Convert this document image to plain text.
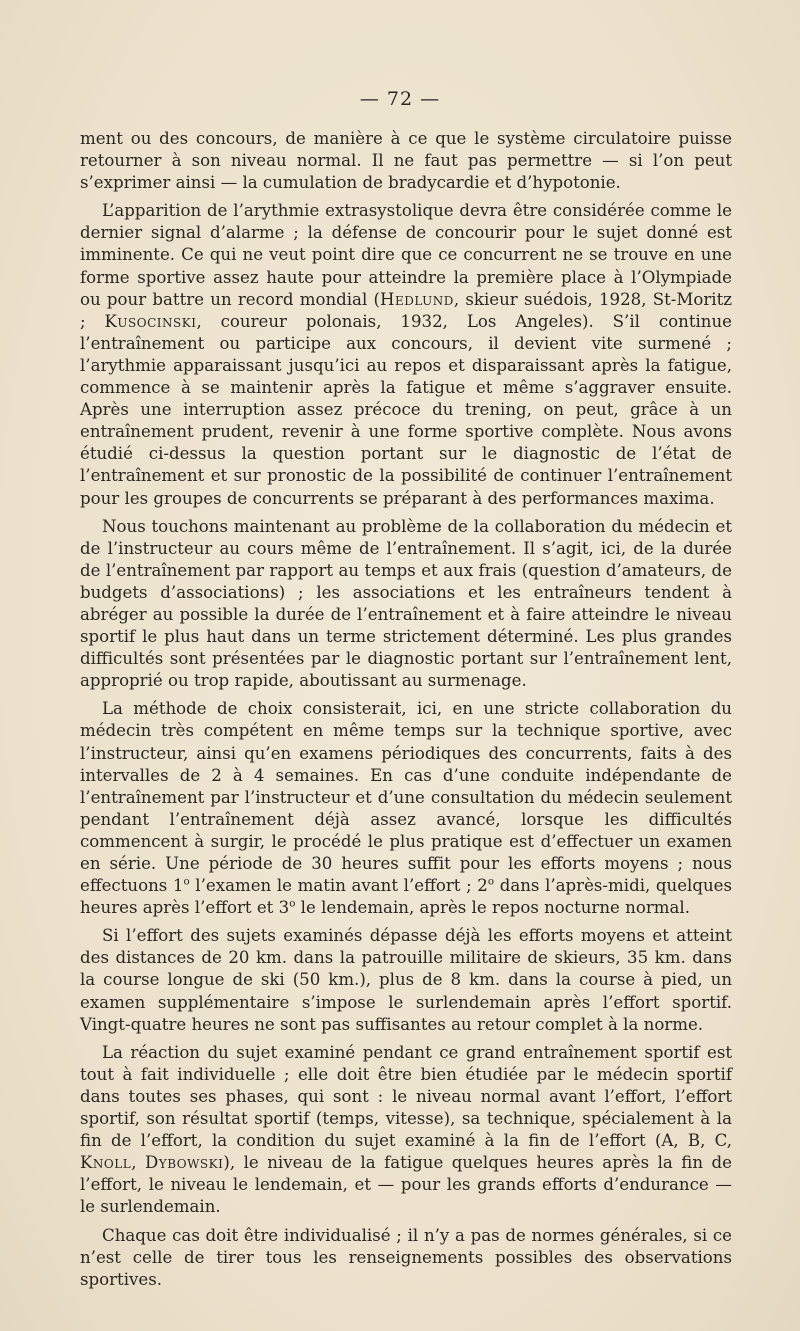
— 72 —

ment ou des concours, de manière à ce que le système circulatoire puisse retourner à son niveau normal. Il ne faut pas permettre — si l’on peut s’exprimer ainsi — la cumulation de bradycardie et d’hypotonie.

L’apparition de l’arythmie extrasystolique devra être considérée comme le dernier signal d’alarme ; la défense de concourir pour le sujet donné est imminente. Ce qui ne veut point dire que ce concurrent ne se trouve en une forme sportive assez haute pour atteindre la première place à l’Olympiade ou pour battre un record mondial (Hedlund, skieur suédois, 1928, St-Moritz ; Kusocinski, coureur polonais, 1932, Los Angeles). S’il continue l’entraînement ou participe aux concours, il devient vite surmené ; l’arythmie apparaissant jusqu’ici au repos et disparaissant après la fatigue, commence à se maintenir après la fatigue et même s’aggraver ensuite. Après une interruption assez précoce du trening, on peut, grâce à un entraînement prudent, revenir à une forme sportive complète. Nous avons étudié ci-dessus la question portant sur le diagnostic de l’état de l’entraînement et sur pronostic de la possibilité de continuer l’entraînement pour les groupes de concurrents se préparant à des performances maxima.

Nous touchons maintenant au problème de la collaboration du médecin et de l’instructeur au cours même de l’entraînement. Il s’agit, ici, de la durée de l’entraînement par rapport au temps et aux frais (question d’amateurs, de budgets d’associations) ; les associations et les entraîneurs tendent à abréger au possible la durée de l’entraînement et à faire atteindre le niveau sportif le plus haut dans un terme strictement déterminé. Les plus grandes difficultés sont présentées par le diagnostic portant sur l’entraînement lent, approprié ou trop rapide, aboutissant au surmenage.

La méthode de choix consisterait, ici, en une stricte collaboration du médecin très compétent en même temps sur la technique sportive, avec l’instructeur, ainsi qu’en examens périodiques des concurrents, faits à des intervalles de 2 à 4 semaines. En cas d’une conduite indépendante de l’entraînement par l’instructeur et d’une consultation du médecin seulement pendant l’entraînement déjà assez avancé, lorsque les difficultés commencent à surgir, le procédé le plus pratique est d’effectuer un examen en série. Une période de 30 heures suffit pour les efforts moyens ; nous effectuons 1$^o$ l’examen le matin avant l’effort ; 2$^o$ dans l’après-midi, quelques heures après l’effort et 3$^o$ le lendemain, après le repos nocturne normal.

Si l’effort des sujets examinés dépasse déjà les efforts moyens et atteint des distances de 20 km. dans la patrouille militaire de skieurs, 35 km. dans la course longue de ski (50 km.), plus de 8 km. dans la course à pied, un examen supplémentaire s’impose le surlendemain après l’effort sportif. Vingt-quatre heures ne sont pas suffisantes au retour complet à la norme.

La réaction du sujet examiné pendant ce grand entraînement sportif est tout à fait individuelle ; elle doit être bien étudiée par le médecin sportif dans toutes ses phases, qui sont : le niveau normal avant l’effort, l’effort sportif, son résultat sportif (temps, vitesse), sa technique, spécialement à la fin de l’effort, la condition du sujet examiné à la fin de l’effort (A, B, C, Knoll, Dybowski), le niveau de la fatigue quelques heures après la fin de l’effort, le niveau le lendemain, et — pour les grands efforts d’endurance — le surlendemain.

Chaque cas doit être individualisé ; il n’y a pas de normes générales, si ce n’est celle de tirer tous les renseignements possibles des observations sportives.
